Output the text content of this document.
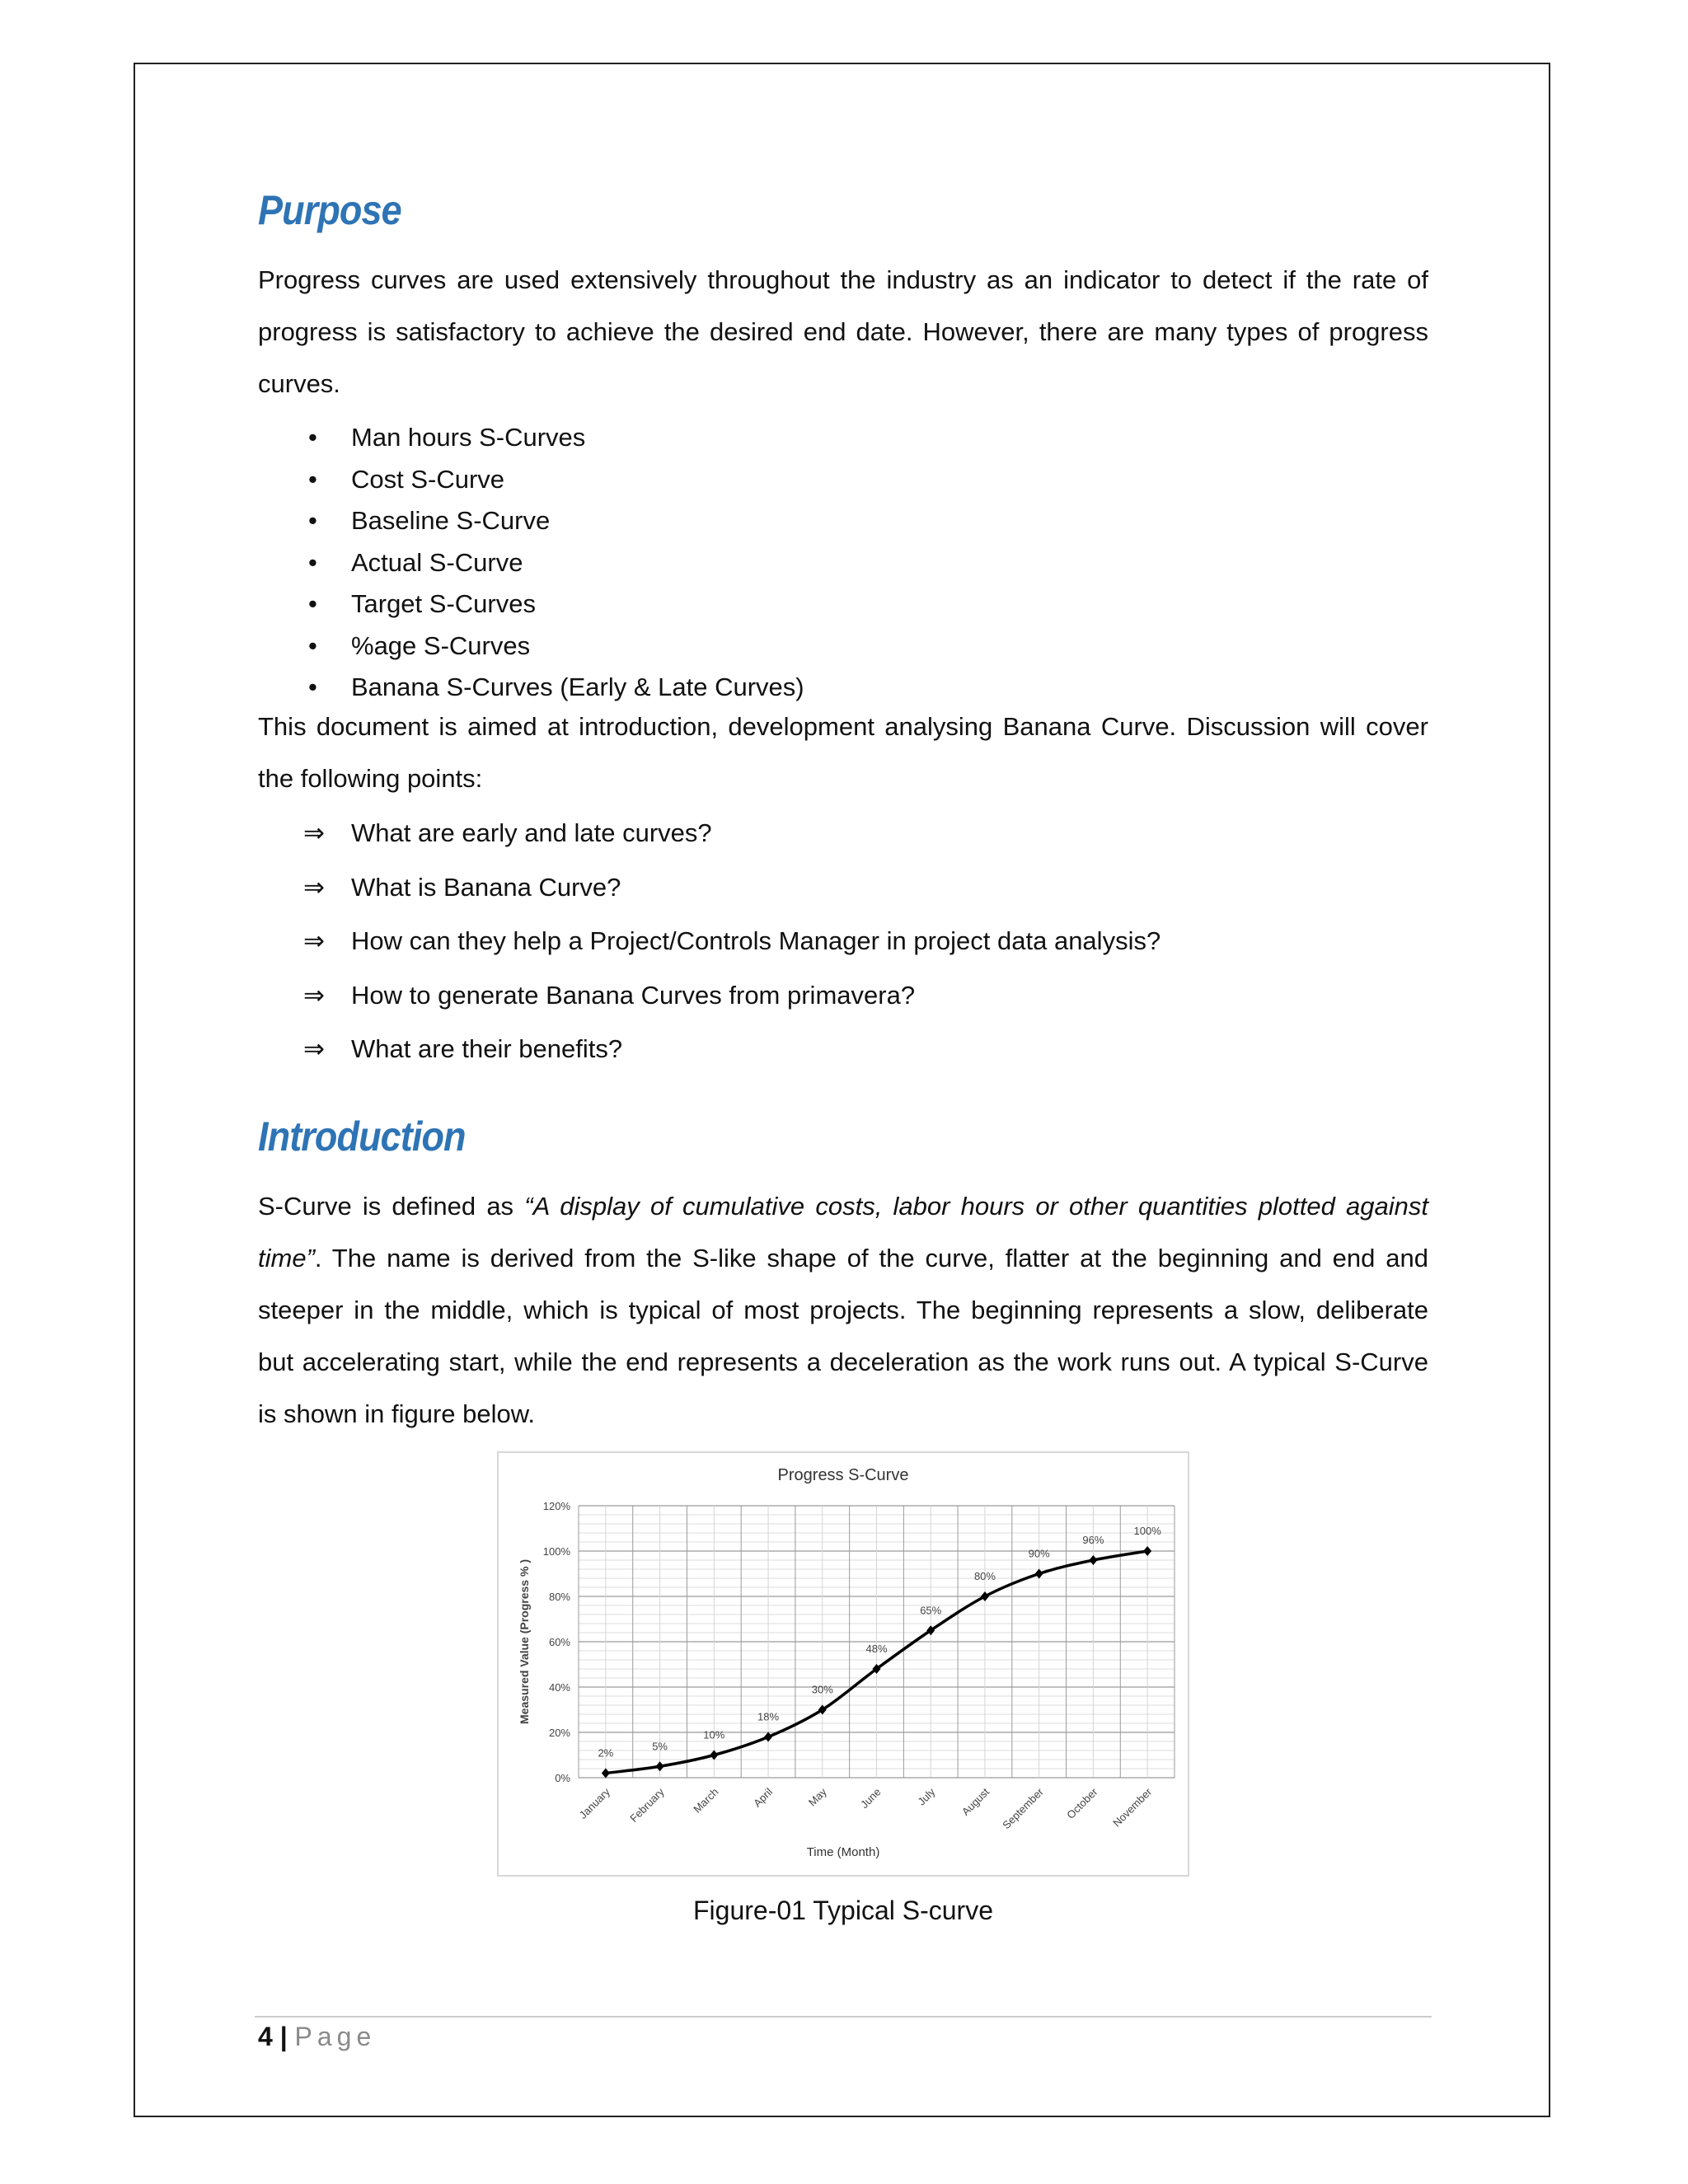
Purpose
Progress curves are used extensively throughout the industry as an indicator to detect if the rate of
progress is satisfactory to achieve the desired end date. However, there are many types of progress
curves.
• Man hours S-Curves
• Cost S-Curve
• Baseline S-Curve
• Actual S-Curve
• Target S-Curves
• %age S-Curves
• Banana S-Curves (Early & Late Curves)
This document is aimed at introduction, development analysing Banana Curve. Discussion will cover
the following points:
⇒ What are early and late curves?
⇒ What is Banana Curve?
⇒ How can they help a Project/Controls Manager in project data analysis?
⇒ How to generate Banana Curves from primavera?
⇒ What are their benefits?
Introduction
S-Curve is defined as “A display of cumulative costs, labor hours or other quantities plotted against
time”. The name is derived from the S-like shape of the curve, flatter at the beginning and end and
steeper in the middle, which is typical of most projects. The beginning represents a slow, deliberate
but accelerating start, while the end represents a deceleration as the work runs out. A typical S-Curve
is shown in figure below.
Progress S-Curve
0%
20%
40%
60%
80%
100%
120%
January February March	April	May	June	July August September October November
Time (Month)
Measured Value (Progress % )
2%
5%
10%
18%
30%
48%
65%
80%
90%
96%
100%
Figure-01 Typical S-curve
4 | Page
